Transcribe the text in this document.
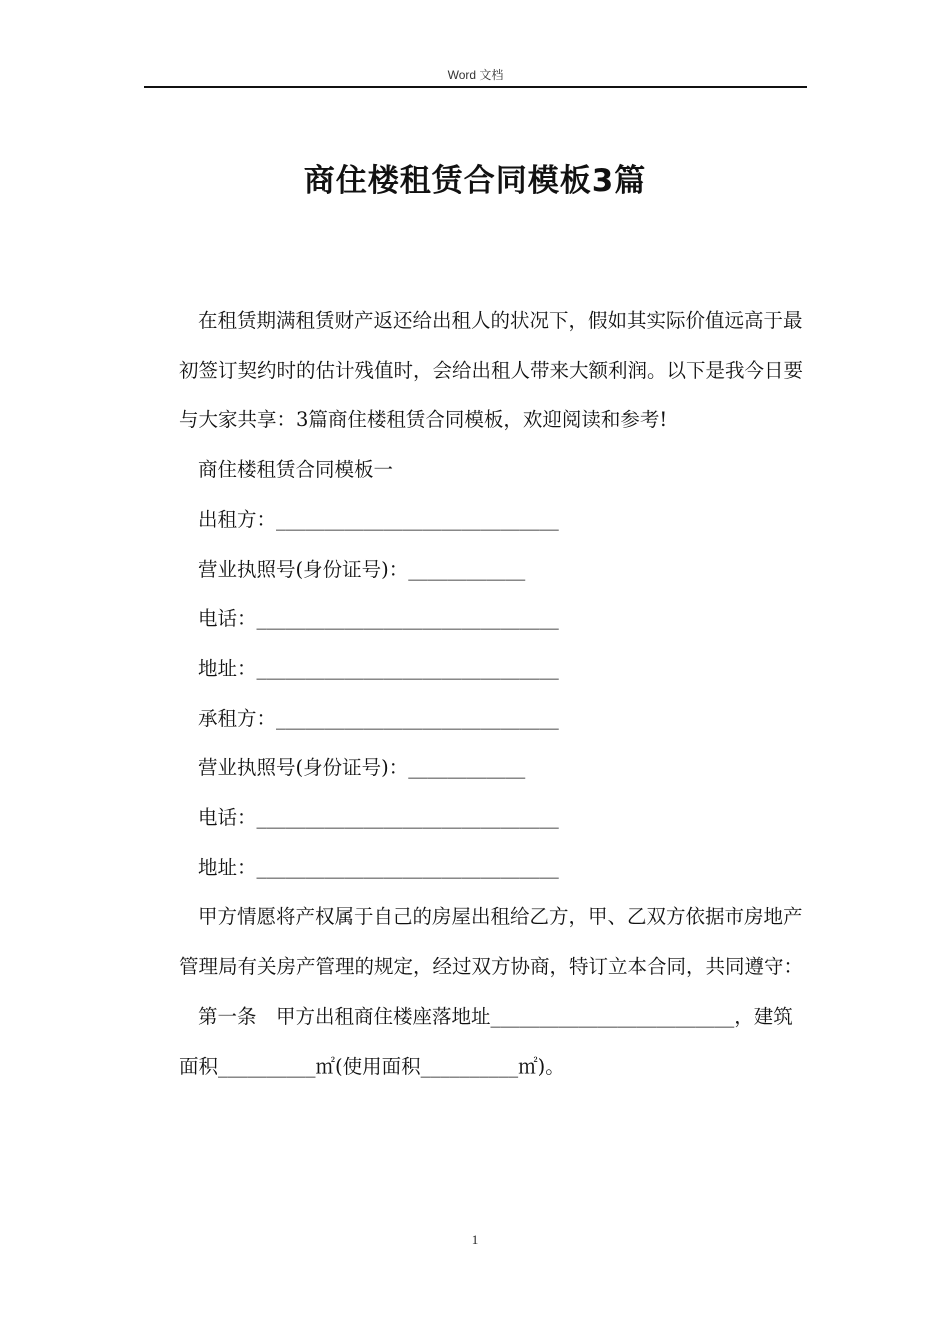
Word 文档
商住楼租赁合同模板3篇

在租赁期满租赁财产返还给出租人的状况下，假如其实际价值远高于最初签订契约时的估计残值时，会给出租人带来大额利润。以下是我今日要与大家共享：3篇商住楼租赁合同模板，欢迎阅读和参考!

商住楼租赁合同模板一

出租方：_____________________________
营业执照号(身份证号)：____________
电话：_______________________________
地址：_______________________________
承租方：_____________________________
营业执照号(身份证号)：____________
电话：_______________________________
地址：_______________________________

甲方情愿将产权属于自己的房屋出租给乙方，甲、乙双方依据市房地产管理局有关房产管理的规定，经过双方协商，特订立本合同，共同遵守：

第一条　甲方出租商住楼座落地址_________________________，建筑面积__________㎡(使用面积__________㎡)。

1
